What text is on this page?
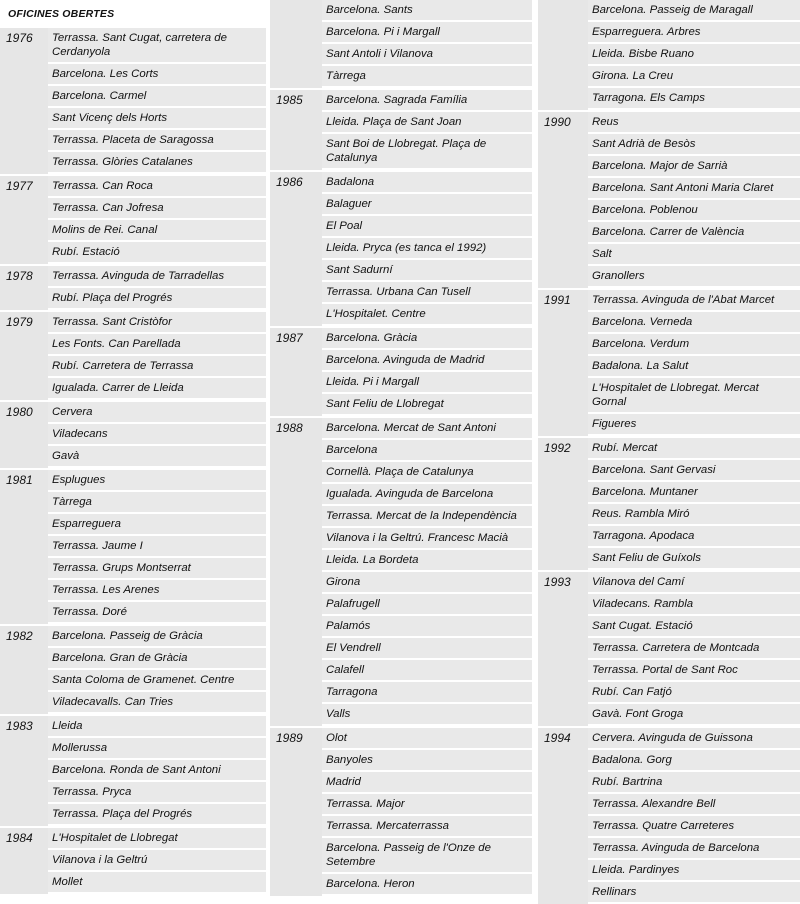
OFICINES OBERTES
1976	Terrassa. Sant Cugat, carretera de Cerdanyola
Barcelona. Les Corts
Barcelona. Carmel
Sant Vicenç dels Horts
Terrassa. Placeta de Saragossa
Terrassa. Glòries Catalanes
1977	Terrassa. Can Roca
Terrassa. Can Jofresa
Molins de Rei. Canal
Rubí. Estació
1978	Terrassa. Avinguda de Tarradellas
Rubí. Plaça del Progrés
1979	Terrassa. Sant Cristòfor
Les Fonts. Can Parellada
Rubí. Carretera de Terrassa
Igualada. Carrer de Lleida
1980	Cervera
Viladecans
Gavà
1981	Esplugues
Tàrrega
Esparreguera
Terrassa. Jaume I
Terrassa. Grups Montserrat
Terrassa. Les Arenes
Terrassa. Doré
1982	Barcelona. Passeig de Gràcia
Barcelona. Gran de Gràcia
Santa Coloma de Gramenet. Centre
Viladecavalls. Can Tries
1983	Lleida
Mollerussa
Barcelona. Ronda de Sant Antoni
Terrassa. Pryca
Terrassa. Plaça del Progrés
1984	L'Hospitalet de Llobregat
Vilanova i la Geltrú
Mollet
Barcelona. Sants
Barcelona. Pi i Margall
Sant Antoli i Vilanova
Tàrrega
1985	Barcelona. Sagrada Família
Lleida. Plaça de Sant Joan
Sant Boi de Llobregat. Plaça de Catalunya
1986	Badalona
Balaguer
El Poal
Lleida. Pryca (es tanca el 1992)
Sant Sadurní
Terrassa. Urbana Can Tusell
L'Hospitalet. Centre
1987	Barcelona. Gràcia
Barcelona. Avinguda de Madrid
Lleida. Pi i Margall
Sant Feliu de Llobregat
1988	Barcelona. Mercat de Sant Antoni
Barcelona
Cornellà. Plaça de Catalunya
Igualada. Avinguda de Barcelona
Terrassa. Mercat de la Independència
Vilanova i la Geltrú. Francesc Macià
Lleida. La Bordeta
Girona
Palafrugell
Palamós
El Vendrell
Calafell
Tarragona
Valls
1989	Olot
Banyoles
Madrid
Terrassa. Major
Terrassa. Mercaterrassa
Barcelona. Passeig de l'Onze de Setembre
Barcelona. Heron
Barcelona. Passeig de Maragall
Esparreguera. Arbres
Lleida. Bisbe Ruano
Girona. La Creu
Tarragona. Els Camps
1990	Reus
Sant Adrià de Besòs
Barcelona. Major de Sarrià
Barcelona. Sant Antoni Maria Claret
Barcelona. Poblenou
Barcelona. Carrer de València
Salt
Granollers
1991	Terrassa. Avinguda de l'Abat Marcet
Barcelona. Verneda
Barcelona. Verdum
Badalona. La Salut
L'Hospitalet de Llobregat. Mercat Gornal
Figueres
1992	Rubí. Mercat
Barcelona. Sant Gervasi
Barcelona. Muntaner
Reus. Rambla Miró
Tarragona. Apodaca
Sant Feliu de Guíxols
1993	Vilanova del Camí
Viladecans. Rambla
Sant Cugat. Estació
Terrassa. Carretera de Montcada
Terrassa. Portal de Sant Roc
Rubí. Can Fatjó
Gavà. Font Groga
1994	Cervera. Avinguda de Guissona
Badalona. Gorg
Rubí. Bartrina
Terrassa. Alexandre Bell
Terrassa. Quatre Carreteres
Terrassa. Avinguda de Barcelona
Lleida. Pardinyes
Rellinars
